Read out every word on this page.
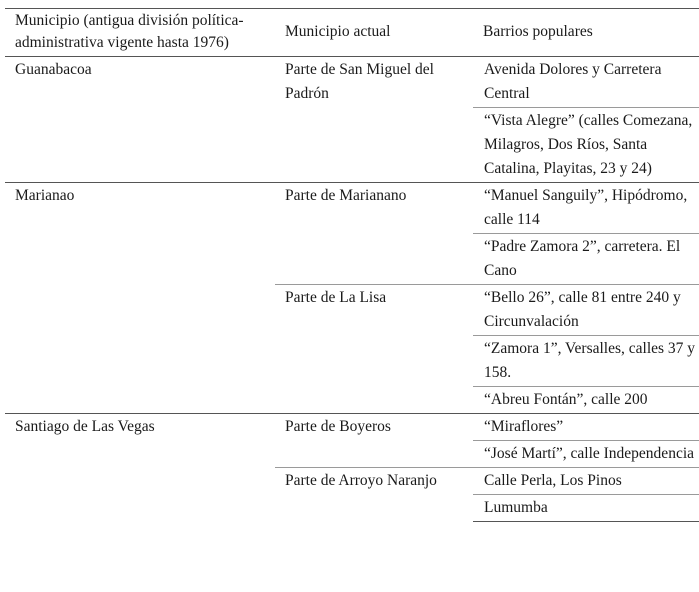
Municipio (antigua división política-administrativa vigente hasta 1976)	Municipio actual	Barrios populares
Guanabacoa	Parte de San Miguel del Padrón	Avenida Dolores y Carretera Central
		“Vista Alegre” (calles Comezana, Milagros, Dos Ríos, Santa Catalina, Playitas, 23 y 24)
Marianao	Parte de Marianano	“Manuel Sanguily”, Hipódromo, calle 114
		“Padre Zamora 2”, carretera. El Cano
	Parte de La Lisa	“Bello 26”, calle 81 entre 240 y Circunvalación
		“Zamora 1”, Versalles, calles 37 y 158.
		“Abreu Fontán”, calle 200
Santiago de Las Vegas	Parte de Boyeros	“Miraflores”
		“José Martí”, calle Independencia
	Parte de Arroyo Naranjo	Calle Perla, Los Pinos
		Lumumba
